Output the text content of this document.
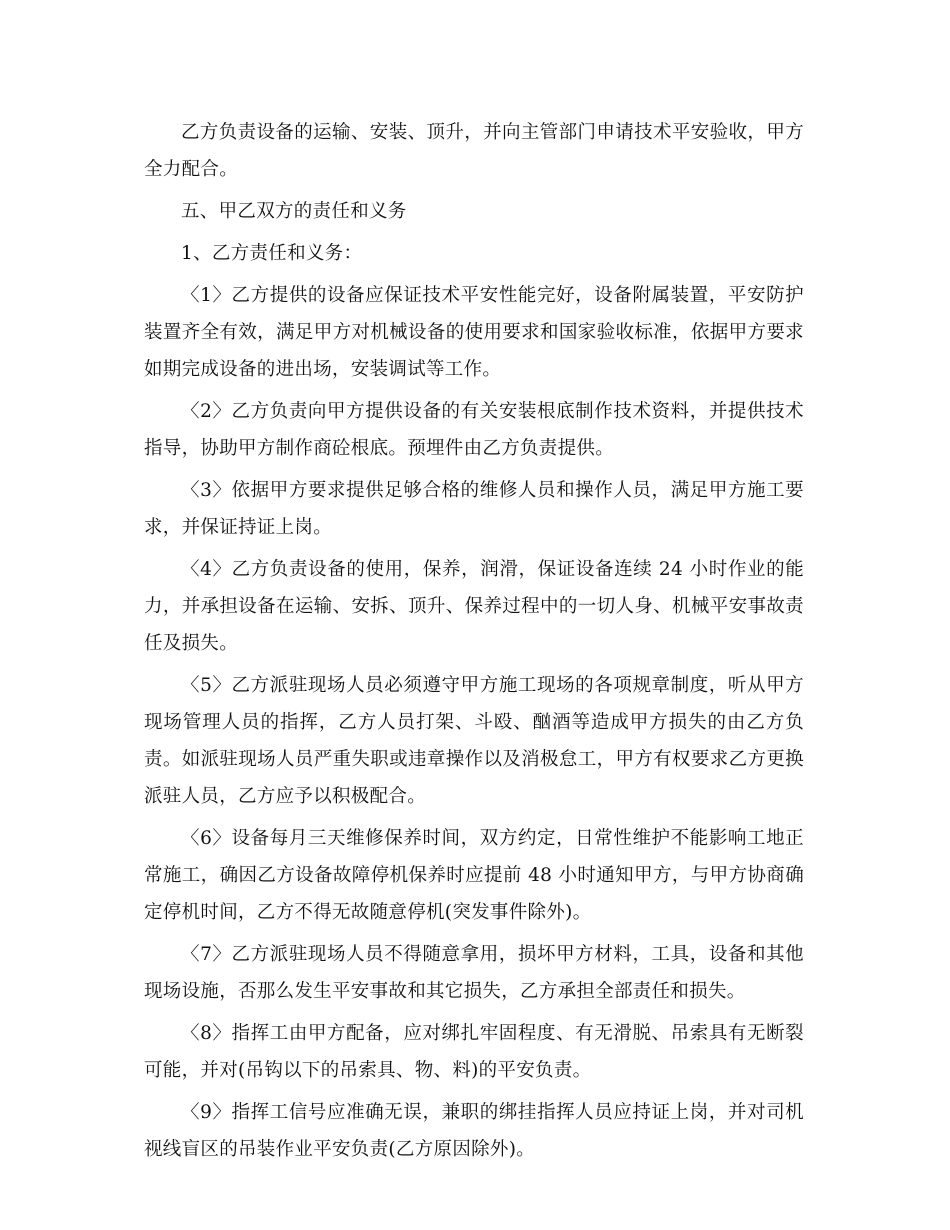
乙方负责设备的运输、安装、顶升，并向主管部门申请技术平安验收，甲方全力配合。

五、甲乙双方的责任和义务

1、乙方责任和义务：

〈1〉乙方提供的设备应保证技术平安性能完好，设备附属装置，平安防护装置齐全有效，满足甲方对机械设备的使用要求和国家验收标准，依据甲方要求如期完成设备的进出场，安装调试等工作。

〈2〉乙方负责向甲方提供设备的有关安装根底制作技术资料，并提供技术指导，协助甲方制作商砼根底。预埋件由乙方负责提供。

〈3〉依据甲方要求提供足够合格的维修人员和操作人员，满足甲方施工要求，并保证持证上岗。

〈4〉乙方负责设备的使用，保养，润滑，保证设备连续 24 小时作业的能力，并承担设备在运输、安拆、顶升、保养过程中的一切人身、机械平安事故责任及损失。

〈5〉乙方派驻现场人员必须遵守甲方施工现场的各项规章制度，听从甲方现场管理人员的指挥，乙方人员打架、斗殴、酗酒等造成甲方损失的由乙方负责。如派驻现场人员严重失职或违章操作以及消极怠工，甲方有权要求乙方更换派驻人员，乙方应予以积极配合。

〈6〉设备每月三天维修保养时间，双方约定，日常性维护不能影响工地正常施工，确因乙方设备故障停机保养时应提前 48 小时通知甲方，与甲方协商确定停机时间，乙方不得无故随意停机(突发事件除外)。

〈7〉乙方派驻现场人员不得随意拿用，损坏甲方材料，工具，设备和其他现场设施，否那么发生平安事故和其它损失，乙方承担全部责任和损失。

〈8〉指挥工由甲方配备，应对绑扎牢固程度、有无滑脱、吊索具有无断裂可能，并对(吊钩以下的吊索具、物、料)的平安负责。

〈9〉指挥工信号应准确无误，兼职的绑挂指挥人员应持证上岗，并对司机视线盲区的吊装作业平安负责(乙方原因除外)。
